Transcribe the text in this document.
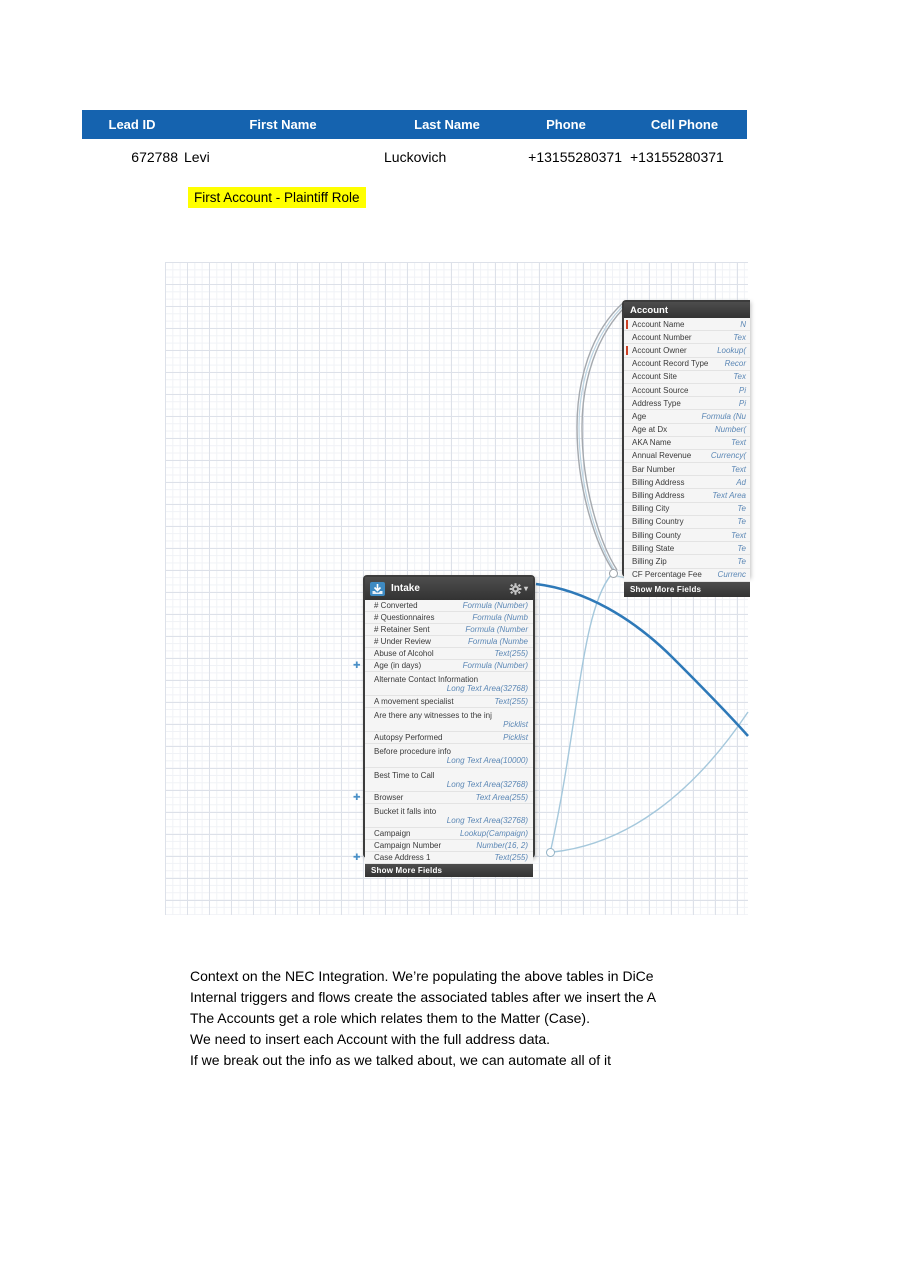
Lead ID	First Name	Last Name	Phone	Cell Phone
672788 Levi	Luckovich	+13155280371 +13155280371
First Account - Plaintiff Role
Account
Account Name	N
Account Number	Tex
Account Owner	Lookup(
Account Record Type Recor
Account Site	Tex
Account Source	Pi
Address Type	Pi
Age	Formula (Nu
Age at Dx	Number(
AKA Name	Text
Annual Revenue Currency(
Bar Number	Text
Billing Address	Ad
Billing Address	Text Area
Billing City	Te
Billing Country	Te
Billing County	Text
Billing State	Te
Billing Zip	Te
CF Percentage Fee Currenc
Show More Fields
Intake	▾
# Converted	Formula (Number)
# Questionnaires	Formula (Numb
# Retainer Sent	Formula (Number
# Under Review	Formula (Numbe
Abuse of Alcohol	Text(255)
✚ Age (in days)	Formula (Number)
Alternate Contact Information
Long Text Area(32768)
A movement specialist	Text(255)
Are there any witnesses to the inj
Picklist
Autopsy Performed	Picklist
Before procedure info
Long Text Area(10000)
Best Time to Call
Long Text Area(32768)
✚ Browser	Text Area(255)
Bucket it falls into
Long Text Area(32768)
Campaign	Lookup(Campaign)
Campaign Number	Number(16, 2)
✚ Case Address 1	Text(255)
Show More Fields
Context on the NEC Integration. We’re populating the above tables in DiCe
Internal triggers and flows create the associated tables after we insert the A
The Accounts get a role which relates them to the Matter (Case).
We need to insert each Account with the full address data.
If we break out the info as we talked about, we can automate all of it
